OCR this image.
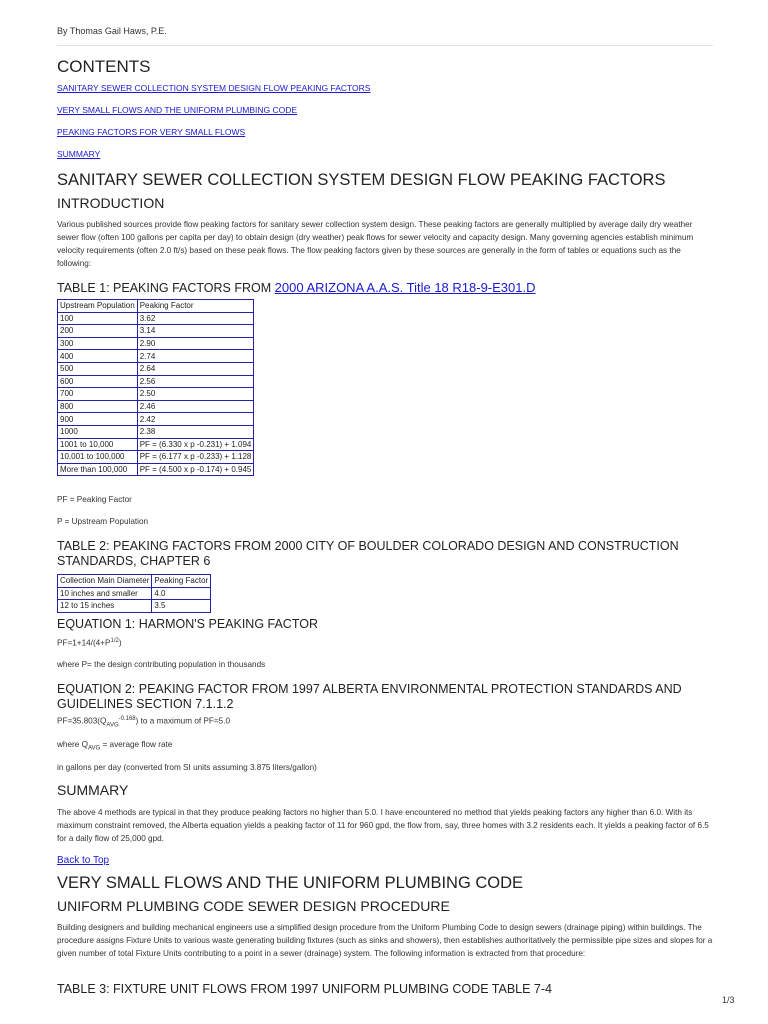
By Thomas Gail Haws, P.E.
CONTENTS
SANITARY SEWER COLLECTION SYSTEM DESIGN FLOW PEAKING FACTORS
VERY SMALL FLOWS AND THE UNIFORM PLUMBING CODE
PEAKING FACTORS FOR VERY SMALL FLOWS
SUMMARY
SANITARY SEWER COLLECTION SYSTEM DESIGN FLOW PEAKING FACTORS
INTRODUCTION
Various published sources provide flow peaking factors for sanitary sewer collection system design. These peaking factors are generally multiplied by average daily dry weather sewer flow (often 100 gallons per capita per day) to obtain design (dry weather) peak flows for sewer velocity and capacity design. Many governing agencies establish minimum velocity requirements (often 2.0 ft/s) based on these peak flows. The flow peaking factors given by these sources are generally in the form of tables or equations such as the following:
TABLE 1: PEAKING FACTORS FROM 2000 ARIZONA A.A.S. Title 18 R18-9-E301.D
Upstream Population	Peaking Factor
100	3.62
200	3.14
300	2.90
400	2.74
500	2.64
600	2.56
700	2.50
800	2.46
900	2.42
1000	2.38
1001 to 10,000	PF = (6.330 x p -0.231) + 1.094
10,001 to 100,000	PF = (6.177 x p -0.233) + 1.128
More than 100,000	PF = (4.500 x p -0.174) + 0.945
PF = Peaking Factor
P = Upstream Population
TABLE 2: PEAKING FACTORS FROM 2000 CITY OF BOULDER COLORADO DESIGN AND CONSTRUCTION STANDARDS, CHAPTER 6
Collection Main Diameter	Peaking Factor
10 inches and smaller	4.0
12 to 15 inches	3.5
EQUATION 1: HARMON'S PEAKING FACTOR
$PF=1+14/(4+P^{1/2})$
where P= the design contributing population in thousands
EQUATION 2: PEAKING FACTOR FROM 1997 ALBERTA ENVIRONMENTAL PROTECTION STANDARDS AND GUIDELINES SECTION 7.1.1.2
$PF=35.803(Q_{AVG}^{-0.168})$ to a maximum of PF=5.0
where $Q_{AVG}$ = average flow rate
in gallons per day (converted from SI units assuming 3.875 liters/gallon)
SUMMARY
The above 4 methods are typical in that they produce peaking factors no higher than 5.0. I have encountered no method that yields peaking factors any higher than 6.0. With its maximum constraint removed, the Alberta equation yields a peaking factor of 11 for 960 gpd, the flow from, say, three homes with 3.2 residents each. It yields a peaking factor of 6.5 for a daily flow of 25,000 gpd.
Back to Top
VERY SMALL FLOWS AND THE UNIFORM PLUMBING CODE
UNIFORM PLUMBING CODE SEWER DESIGN PROCEDURE
Building designers and building mechanical engineers use a simplified design procedure from the Uniform Plumbing Code to design sewers (drainage piping) within buildings. The procedure assigns Fixture Units to various waste generating building fixtures (such as sinks and showers), then establishes authoritatively the permissible pipe sizes and slopes for a given number of total Fixture Units contributing to a point in a sewer (drainage) system. The following information is extracted from that procedure:
TABLE 3: FIXTURE UNIT FLOWS FROM 1997 UNIFORM PLUMBING CODE TABLE 7-4
1/3
